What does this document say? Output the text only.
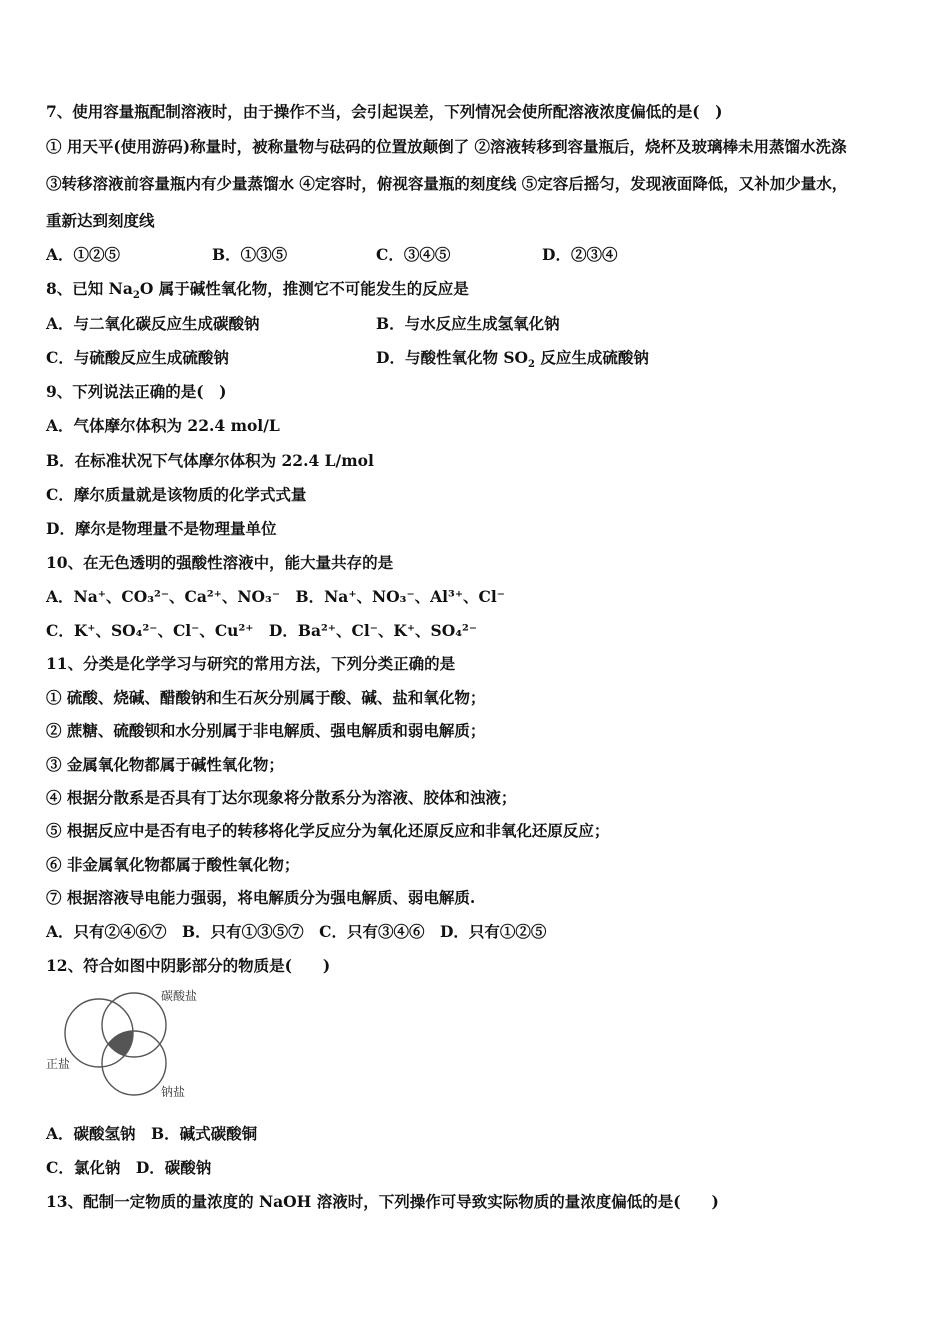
7、使用容量瓶配制溶液时，由于操作不当，会引起误差，下列情况会使所配溶液浓度偏低的是(　)
① 用天平(使用游码)称量时，被称量物与砝码的位置放颠倒了 ②溶液转移到容量瓶后，烧杯及玻璃棒未用蒸馏水洗涤
③转移溶液前容量瓶内有少量蒸馏水 ④定容时，俯视容量瓶的刻度线 ⑤定容后摇匀，发现液面降低，又补加少量水，
重新达到刻度线
A．①②⑤	B．①③⑤	C．③④⑤	D．②③④
8、已知 $Na_2O$ 属于碱性氧化物，推测它不可能发生的反应是
A．与二氧化碳反应生成碳酸钠	B．与水反应生成氢氧化钠
C．与硫酸反应生成硫酸钠	D．与酸性氧化物 $SO_2$ 反应生成硫酸钠
9、下列说法正确的是(　)
A．气体摩尔体积为 22.4 mol/L
B．在标准状况下气体摩尔体积为 22.4 L/mol
C．摩尔质量就是该物质的化学式式量
D．摩尔是物理量不是物理量单位
10、在无色透明的强酸性溶液中，能大量共存的是
A．Na⁺、CO₃²⁻、Ca²⁺、NO₃⁻　B．Na⁺、NO₃⁻、Al³⁺、Cl⁻
C．K⁺、SO₄²⁻、Cl⁻、Cu²⁺　D．Ba²⁺、Cl⁻、K⁺、SO₄²⁻
11、分类是化学学习与研究的常用方法，下列分类正确的是
① 硫酸、烧碱、醋酸钠和生石灰分别属于酸、碱、盐和氧化物；
② 蔗糖、硫酸钡和水分别属于非电解质、强电解质和弱电解质；
③ 金属氧化物都属于碱性氧化物；
④ 根据分散系是否具有丁达尔现象将分散系分为溶液、胶体和浊液；
⑤ 根据反应中是否有电子的转移将化学反应分为氧化还原反应和非氧化还原反应；
⑥ 非金属氧化物都属于酸性氧化物；
⑦ 根据溶液导电能力强弱，将电解质分为强电解质、弱电解质.
A．只有②④⑥⑦　B．只有①③⑤⑦　C．只有③④⑥　D．只有①②⑤
12、符合如图中阴影部分的物质是(　　)
碳酸盐
正盐
钠盐
A．碳酸氢钠　B．碱式碳酸铜
C．氯化钠　D．碳酸钠
13、配制一定物质的量浓度的 NaOH 溶液时，下列操作可导致实际物质的量浓度偏低的是(　　)
